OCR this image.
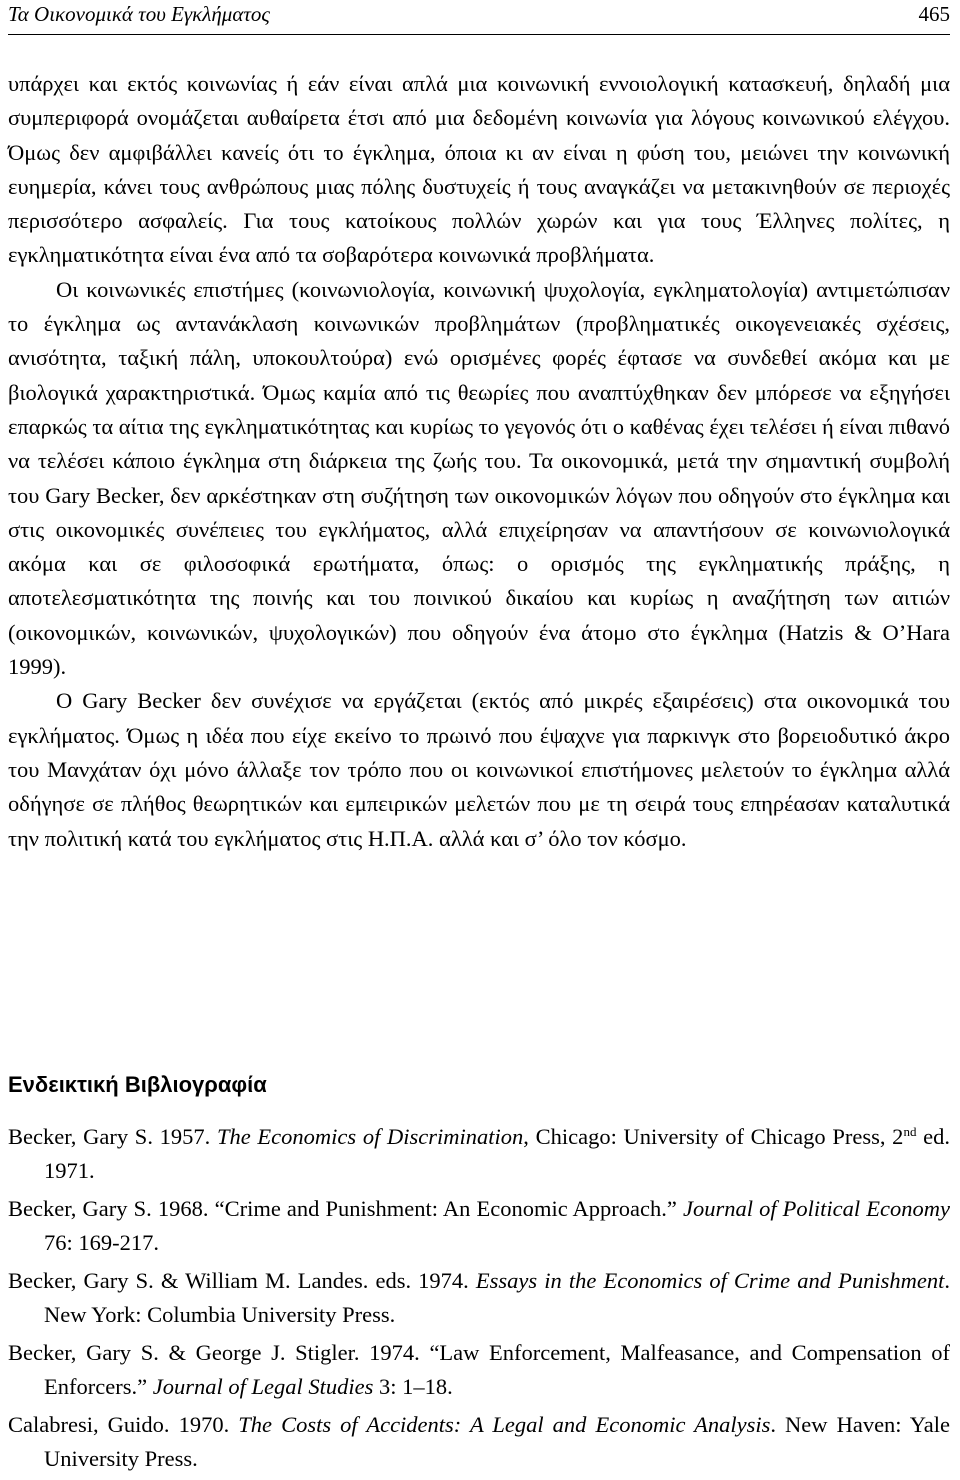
Τα Οικονομικά του Εγκλήματος	465

υπάρχει και εκτός κοινωνίας ή εάν είναι απλά μια κοινωνική εννοιολογική κατασκευή, δηλαδή μια συμπεριφορά ονομάζεται αυθαίρετα έτσι από μια δεδομένη κοινωνία για λόγους κοινωνικού ελέγχου. Όμως δεν αμφιβάλλει κανείς ότι το έγκλημα, όποια κι αν είναι η φύση του, μειώνει την κοινωνική ευημερία, κάνει τους ανθρώπους μιας πόλης δυστυχείς ή τους αναγκάζει να μετακινηθούν σε περιοχές περισσότερο ασφαλείς. Για τους κατοίκους πολλών χωρών και για τους Έλληνες πολίτες, η εγκληματικότητα είναι ένα από τα σοβαρότερα κοινωνικά προβλήματα.

Οι κοινωνικές επιστήμες (κοινωνιολογία, κοινωνική ψυχολογία, εγκληματολογία) αντιμετώπισαν το έγκλημα ως αντανάκλαση κοινωνικών προβλημάτων (προβληματικές οικογενειακές σχέσεις, ανισότητα, ταξική πάλη, υποκουλτούρα) ενώ ορισμένες φορές έφτασε να συνδεθεί ακόμα και με βιολογικά χαρακτηριστικά. Όμως καμία από τις θεωρίες που αναπτύχθηκαν δεν μπόρεσε να εξηγήσει επαρκώς τα αίτια της εγκληματικότητας και κυρίως το γεγονός ότι ο καθένας έχει τελέσει ή είναι πιθανό να τελέσει κάποιο έγκλημα στη διάρκεια της ζωής του. Τα οικονομικά, μετά την σημαντική συμβολή του Gary Becker, δεν αρκέστηκαν στη συζήτηση των οικονομικών λόγων που οδηγούν στο έγκλημα και στις οικονομικές συνέπειες του εγκλήματος, αλλά επιχείρησαν να απαντήσουν σε κοινωνιολογικά ακόμα και σε φιλοσοφικά ερωτήματα, όπως: ο ορισμός της εγκληματικής πράξης, η αποτελεσματικότητα της ποινής και του ποινικού δικαίου και κυρίως η αναζήτηση των αιτιών (οικονομικών, κοινωνικών, ψυχολογικών) που οδηγούν ένα άτομο στο έγκλημα (Hatzis & O’Hara 1999).

Ο Gary Becker δεν συνέχισε να εργάζεται (εκτός από μικρές εξαιρέσεις) στα οικονομικά του εγκλήματος. Όμως η ιδέα που είχε εκείνο το πρωινό που έψαχνε για παρκινγκ στο βορειοδυτικό άκρο του Μανχάταν όχι μόνο άλλαξε τον τρόπο που οι κοινωνικοί επιστήμονες μελετούν το έγκλημα αλλά οδήγησε σε πλήθος θεωρητικών και εμπειρικών μελετών που με τη σειρά τους επηρέασαν καταλυτικά την πολιτική κατά του εγκλήματος στις Η.Π.Α. αλλά και σ’ όλο τον κόσμο.

Ενδεικτική Βιβλιογραφία

Becker, Gary S. 1957. The Economics of Discrimination, Chicago: University of Chicago Press, 2nd ed. 1971.

Becker, Gary S. 1968. “Crime and Punishment: An Economic Approach.” Journal of Political Economy 76: 169-217.

Becker, Gary S. & William M. Landes. eds. 1974. Essays in the Economics of Crime and Punishment. New York: Columbia University Press.

Becker, Gary S. & George J. Stigler. 1974. “Law Enforcement, Malfeasance, and Compensation of Enforcers.” Journal of Legal Studies 3: 1–18.

Calabresi, Guido. 1970. The Costs of Accidents: A Legal and Economic Analysis. New Haven: Yale University Press.
